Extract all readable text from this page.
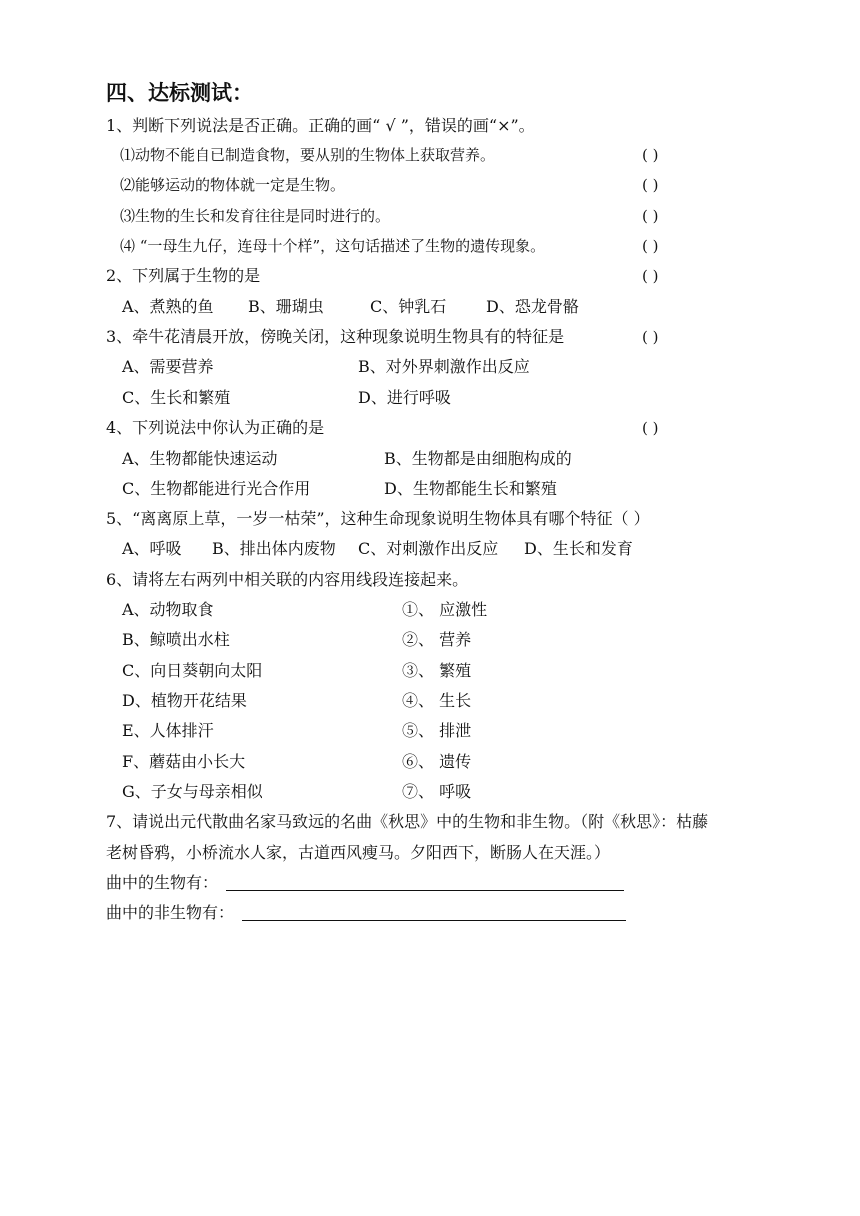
四、达标测试：
1、判断下列说法是否正确。正确的画“ √ ”，错误的画“×”。
⑴动物不能自已制造食物，要从别的生物体上获取营养。	( )
⑵能够运动的物体就一定是生物。	( )
⑶生物的生长和发育往往是同时进行的。	( )
⑷ “一母生九仔，连母十个样”，这句话描述了生物的遗传现象。	( )
2、下列属于生物的是	( )
A、煮熟的鱼 B、珊瑚虫	C、钟乳石 D、恐龙骨骼
3、牵牛花清晨开放，傍晚关闭，这种现象说明生物具有的特征是	( )
A、需要营养	B、对外界刺激作出反应
C、生长和繁殖	D、进行呼吸
4、下列说法中你认为正确的是	( )
A、生物都能快速运动	B、生物都是由细胞构成的
C、生物都能进行光合作用	D、生物都能生长和繁殖
5、“离离原上草，一岁一枯荣”，这种生命现象说明生物体具有哪个特征（ ）
A、呼吸 B、排出体内废物 C、对刺激作出反应 D、生长和发育
6、请将左右两列中相关联的内容用线段连接起来。
A、动物取食	①、 应激性
B、鲸喷出水柱	②、 营养
C、向日葵朝向太阳	③、 繁殖
D、植物开花结果	④、 生长
E、人体排汗	⑤、 排泄
F、蘑菇由小长大	⑥、 遗传
G、子女与母亲相似	⑦、 呼吸
7、请说出元代散曲名家马致远的名曲《秋思》中的生物和非生物。（附《秋思》：枯藤
老树昏鸦，小桥流水人家，古道西风瘦马。夕阳西下，断肠人在天涯。）
曲中的生物有：
曲中的非生物有：
